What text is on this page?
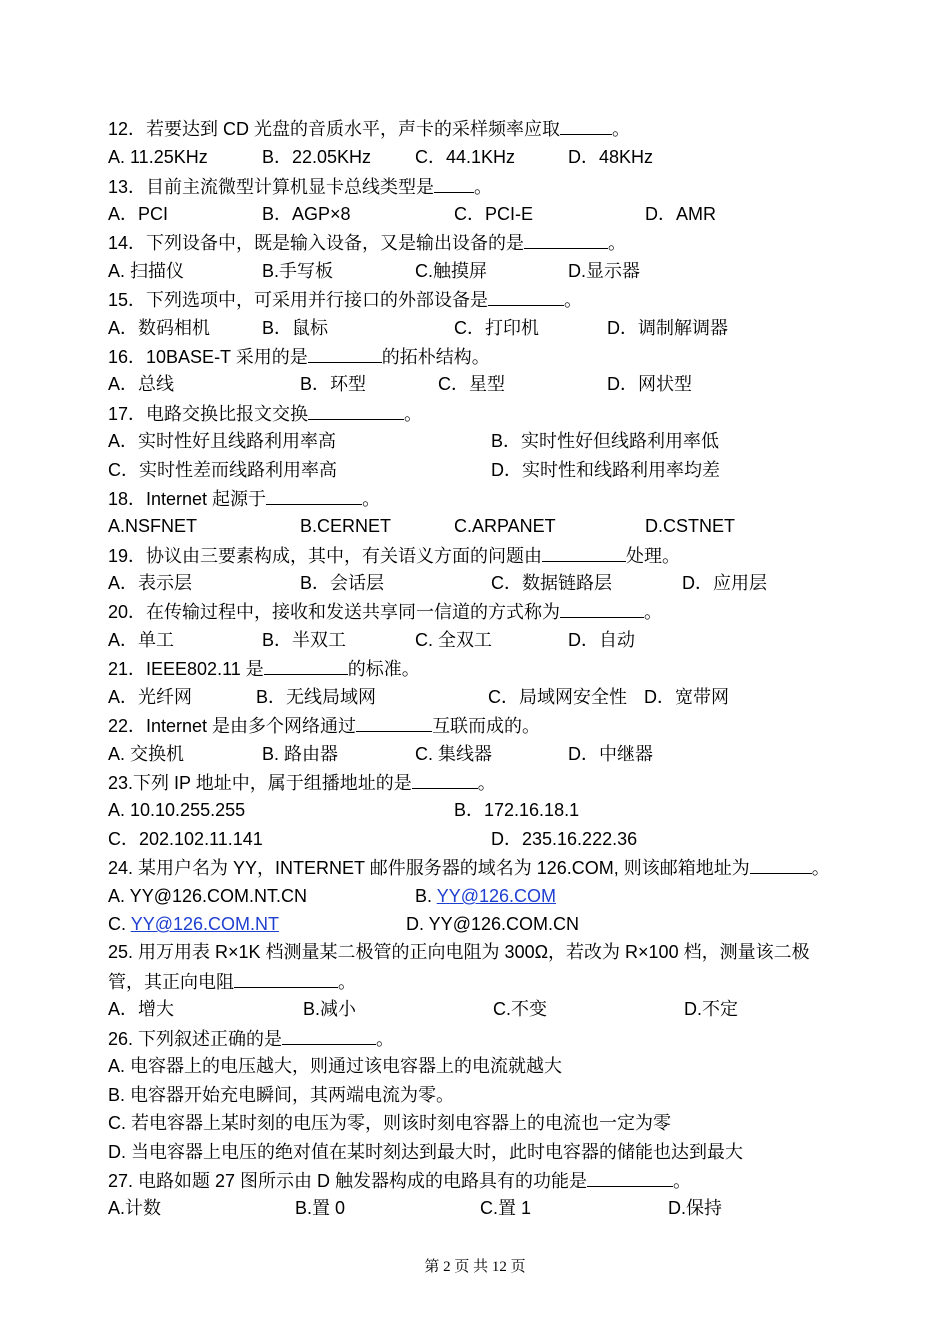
12．若要达到 CD 光盘的音质水平，声卡的采样频率应取	。
A. 11.25KHz	B．22.05KHz C．44.1KHz	D．48KHz
13．目前主流微型计算机显卡总线类型是 。
A．PCI	B．AGP×8	C．PCI-E	D．AMR
14．下列设备中，既是输入设备，又是输出设备的是	。
A. 扫描仪	B.手写板	C.触摸屏	D.显示器
15．下列选项中，可采用并行接口的外部设备是	。
A．数码相机	B．鼠标	C．打印机	D．调制解调器
16．10BASE-T 采用的是	的拓朴结构。
A．总线	B．环型	C．星型	D．网状型
17．电路交换比报文交换	。
A．实时性好且线路利用率高	B．实时性好但线路利用率低
C．实时性差而线路利用率高	D．实时性和线路利用率均差
18．Internet 起源于	。
A.NSFNET	B.CERNET	C.ARPANET	D.CSTNET
19．协议由三要素构成，其中，有关语义方面的问题由	处理。
A．表示层	B．会话层	C．数据链路层	D．应用层
20．在传输过程中，接收和发送共享同一信道的方式称为	。
A．单工	B．半双工	C. 全双工	D．自动
21．IEEE802.11 是	的标准。
A．光纤网	B．无线局域网	C．局域网安全性 D．宽带网
22．Internet 是由多个网络通过	互联而成的。
A. 交换机	B. 路由器	C. 集线器	D．中继器
23.下列 IP 地址中，属于组播地址的是	。
A. 10.10.255.255	B．172.16.18.1
C．202.102.11.141	D．235.16.222.36
24. 某用户名为 YY，INTERNET 邮件服务器的域名为 126.COM, 则该邮箱地址为	。
A. YY@126.COM.NT.CN	B. YY@126.COM
C. YY@126.COM.NT	D. YY@126.COM.CN
25. 用万用表 R×1K 档测量某二极管的正向电阻为 300Ω，若改为 R×100 档，测量该二极
管，其正向电阻	。
A．增大	B.减小	C.不变	D.不定
26. 下列叙述正确的是	。
A. 电容器上的电压越大，则通过该电容器上的电流就越大
B. 电容器开始充电瞬间，其两端电流为零。
C. 若电容器上某时刻的电压为零，则该时刻电容器上的电流也一定为零
D. 当电容器上电压的绝对值在某时刻达到最大时，此时电容器的储能也达到最大
27. 电路如题 27 图所示由 D 触发器构成的电路具有的功能是	。
A.计数	B.置 0	C.置 1	D.保持
第 2 页 共 12 页
